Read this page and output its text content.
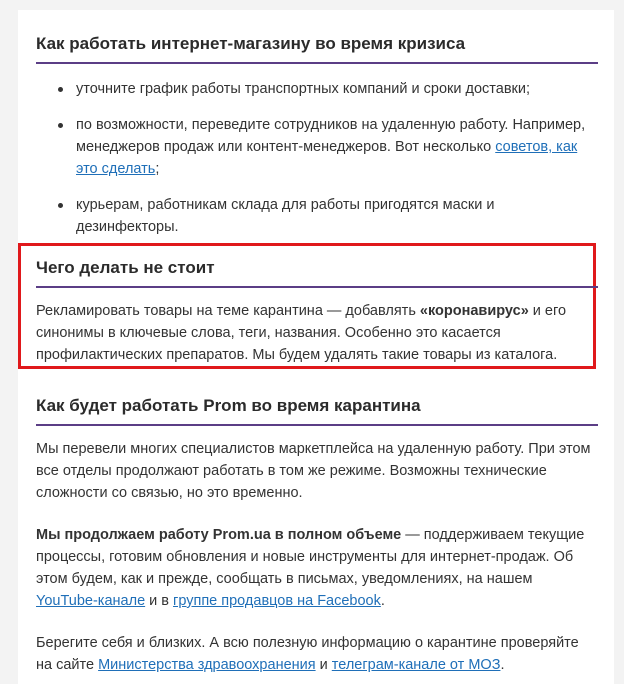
Как работать интернет-магазину во время кризиса
уточните график работы транспортных компаний и сроки доставки;
по возможности, переведите сотрудников на удаленную работу. Например, менеджеров продаж или контент-менеджеров. Вот несколько советов, как это сделать;
курьерам, работникам склада для работы пригодятся маски и дезинфекторы.
Чего делать не стоит

Рекламировать товары на теме карантина — добавлять «коронавирус» и его синонимы в ключевые слова, теги, названия. Особенно это касается профилактических препаратов. Мы будем удалять такие товары из каталога.

Как будет работать Prom во время карантина

Мы перевели многих специалистов маркетплейса на удаленную работу. При этом все отделы продолжают работать в том же режиме. Возможны технические сложности со связью, но это временно.

Мы продолжаем работу Prom.ua в полном объеме — поддерживаем текущие процессы, готовим обновления и новые инструменты для интернет-продаж. Об этом будем, как и прежде, сообщать в письмах, уведомлениях, на нашем YouTube-канале и в группе продавцов на Facebook.

Берегите себя и близких. А всю полезную информацию о карантине проверяйте на сайте Министерства здравоохранения и телеграм-канале от МОЗ.
